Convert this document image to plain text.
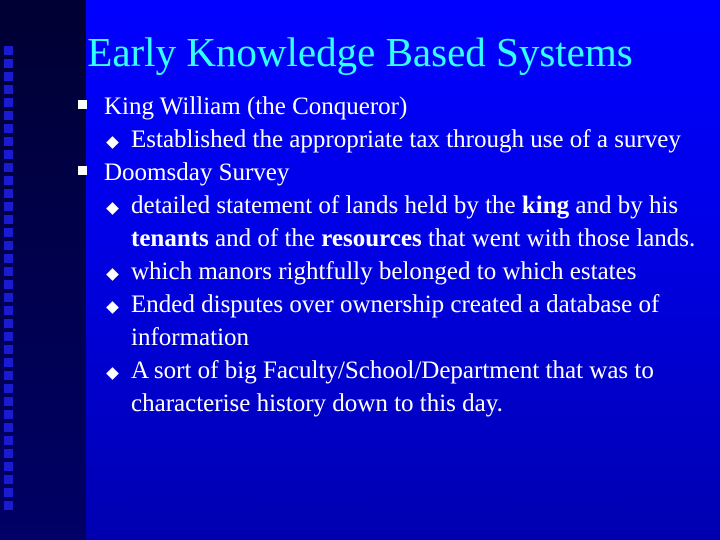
Early Knowledge Based Systems
King William (the Conqueror)
Established the appropriate tax through use of a survey
Doomsday Survey
detailed statement of lands held by the king and by his tenants and of the resources that went with those lands.
which manors rightfully belonged to which estates
Ended disputes over ownership created a database of information
A sort of big Faculty/School/Department that was to characterise history down to this day.
